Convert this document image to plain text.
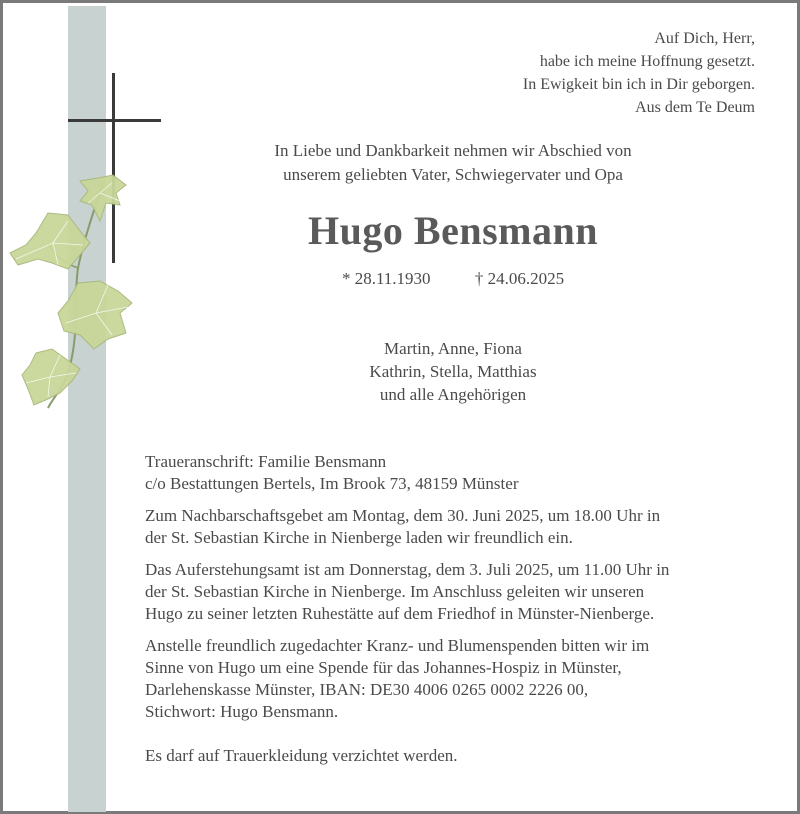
Auf Dich, Herr,
habe ich meine Hoffnung gesetzt.
In Ewigkeit bin ich in Dir geborgen.
Aus dem Te Deum
In Liebe und Dankbarkeit nehmen wir Abschied von
unserem geliebten Vater, Schwiegervater und Opa
Hugo Bensmann
* 28.11.1930	† 24.06.2025
Martin, Anne, Fiona
Kathrin, Stella, Matthias
und alle Angehörigen

Traueranschrift: Familie Bensmann
c/o Bestattungen Bertels, Im Brook 73, 48159 Münster

Zum Nachbarschaftsgebet am Montag, dem 30. Juni 2025, um 18.00 Uhr in
der St. Sebastian Kirche in Nienberge laden wir freundlich ein.

Das Auferstehungsamt ist am Donnerstag, dem 3. Juli 2025, um 11.00 Uhr in
der St. Sebastian Kirche in Nienberge. Im Anschluss geleiten wir unseren
Hugo zu seiner letzten Ruhestätte auf dem Friedhof in Münster-Nienberge.

Anstelle freundlich zugedachter Kranz- und Blumenspenden bitten wir im
Sinne von Hugo um eine Spende für das Johannes-Hospiz in Münster,
Darlehenskasse Münster, IBAN: DE30 4006 0265 0002 2226 00,
Stichwort: Hugo Bensmann.

Es darf auf Trauerkleidung verzichtet werden.
